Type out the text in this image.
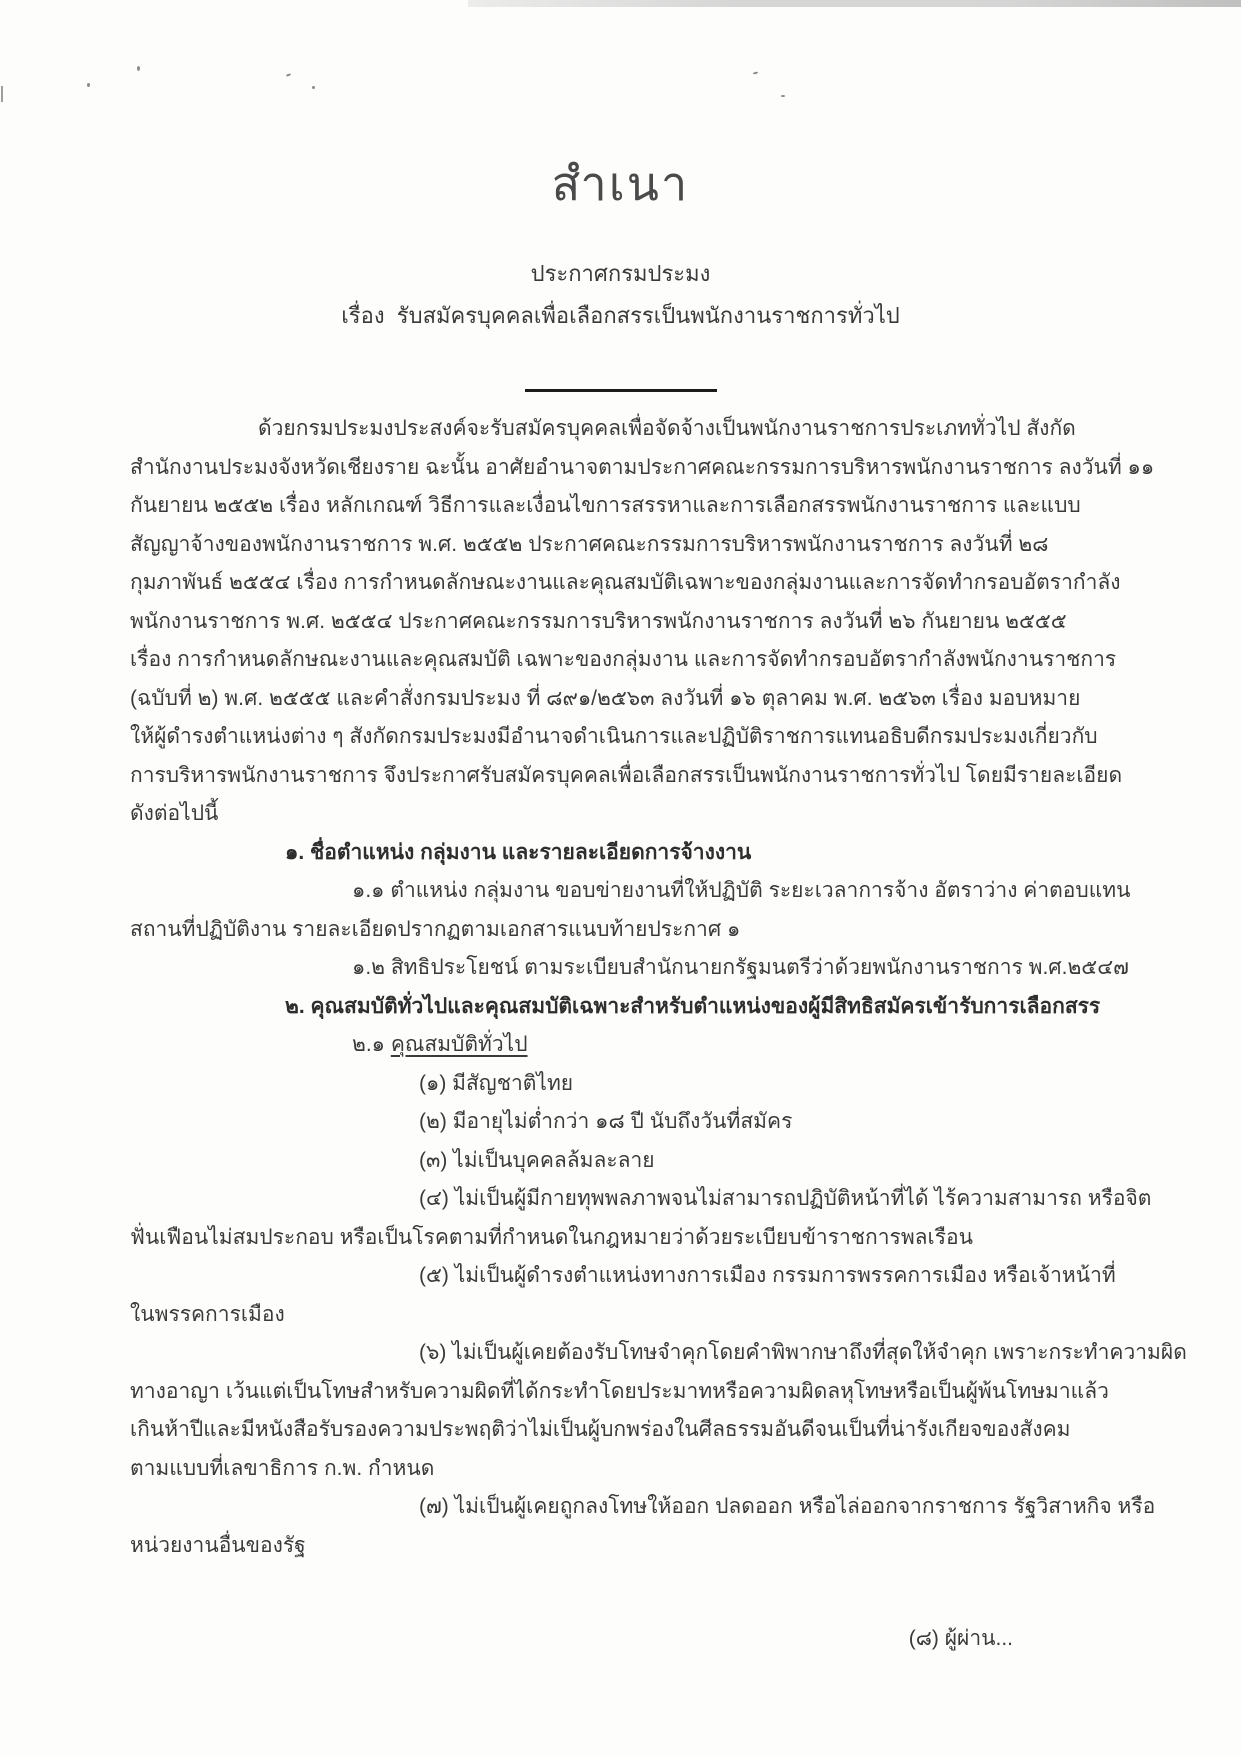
สำเนา
ประกาศกรมประมง
เรื่อง  รับสมัครบุคคลเพื่อเลือกสรรเป็นพนักงานราชการทั่วไป
ด้วยกรมประมงประสงค์จะรับสมัครบุคคลเพื่อจัดจ้างเป็นพนักงานราชการประเภททั่วไป สังกัด
สำนักงานประมงจังหวัดเชียงราย ฉะนั้น อาศัยอำนาจตามประกาศคณะกรรมการบริหารพนักงานราชการ ลงวันที่ ๑๑
กันยายน ๒๕๕๒ เรื่อง หลักเกณฑ์ วิธีการและเงื่อนไขการสรรหาและการเลือกสรรพนักงานราชการ และแบบ
สัญญาจ้างของพนักงานราชการ พ.ศ. ๒๕๕๒ ประกาศคณะกรรมการบริหารพนักงานราชการ ลงวันที่ ๒๘
กุมภาพันธ์ ๒๕๕๔ เรื่อง การกำหนดลักษณะงานและคุณสมบัติเฉพาะของกลุ่มงานและการจัดทำกรอบอัตรากำลัง
พนักงานราชการ พ.ศ. ๒๕๕๔ ประกาศคณะกรรมการบริหารพนักงานราชการ ลงวันที่ ๒๖ กันยายน ๒๕๕๕
เรื่อง การกำหนดลักษณะงานและคุณสมบัติ เฉพาะของกลุ่มงาน และการจัดทำกรอบอัตรากำลังพนักงานราชการ
(ฉบับที่ ๒) พ.ศ. ๒๕๕๕ และคำสั่งกรมประมง ที่ ๘๙๑/๒๕๖๓ ลงวันที่ ๑๖ ตุลาคม พ.ศ. ๒๕๖๓ เรื่อง มอบหมาย
ให้ผู้ดำรงตำแหน่งต่าง ๆ สังกัดกรมประมงมีอำนาจดำเนินการและปฏิบัติราชการแทนอธิบดีกรมประมงเกี่ยวกับ
การบริหารพนักงานราชการ จึงประกาศรับสมัครบุคคลเพื่อเลือกสรรเป็นพนักงานราชการทั่วไป โดยมีรายละเอียด
ดังต่อไปนี้
๑. ชื่อตำแหน่ง กลุ่มงาน และรายละเอียดการจ้างงาน
๑.๑ ตำแหน่ง กลุ่มงาน ขอบข่ายงานที่ให้ปฏิบัติ ระยะเวลาการจ้าง อัตราว่าง ค่าตอบแทน
สถานที่ปฏิบัติงาน รายละเอียดปรากฏตามเอกสารแนบท้ายประกาศ ๑
๑.๒ สิทธิประโยชน์ ตามระเบียบสำนักนายกรัฐมนตรีว่าด้วยพนักงานราชการ พ.ศ.๒๕๔๗
๒. คุณสมบัติทั่วไปและคุณสมบัติเฉพาะสำหรับตำแหน่งของผู้มีสิทธิสมัครเข้ารับการเลือกสรร
๒.๑ คุณสมบัติทั่วไป
(๑) มีสัญชาติไทย
(๒) มีอายุไม่ต่ำกว่า ๑๘ ปี นับถึงวันที่สมัคร
(๓) ไม่เป็นบุคคลล้มละลาย
(๔) ไม่เป็นผู้มีกายทุพพลภาพจนไม่สามารถปฏิบัติหน้าที่ได้ ไร้ความสามารถ หรือจิต
ฟั่นเฟือนไม่สมประกอบ หรือเป็นโรคตามที่กำหนดในกฎหมายว่าด้วยระเบียบข้าราชการพลเรือน
(๕) ไม่เป็นผู้ดำรงตำแหน่งทางการเมือง กรรมการพรรคการเมือง หรือเจ้าหน้าที่
ในพรรคการเมือง
(๖) ไม่เป็นผู้เคยต้องรับโทษจำคุกโดยคำพิพากษาถึงที่สุดให้จำคุก เพราะกระทำความผิด
ทางอาญา เว้นแต่เป็นโทษสำหรับความผิดที่ได้กระทำโดยประมาทหรือความผิดลหุโทษหรือเป็นผู้พ้นโทษมาแล้ว
เกินห้าปีและมีหนังสือรับรองความประพฤติว่าไม่เป็นผู้บกพร่องในศีลธรรมอันดีจนเป็นที่น่ารังเกียจของสังคม
ตามแบบที่เลขาธิการ ก.พ. กำหนด
(๗) ไม่เป็นผู้เคยถูกลงโทษให้ออก ปลดออก หรือไล่ออกจากราชการ รัฐวิสาหกิจ หรือ
หน่วยงานอื่นของรัฐ
(๘) ผู้ผ่าน...
